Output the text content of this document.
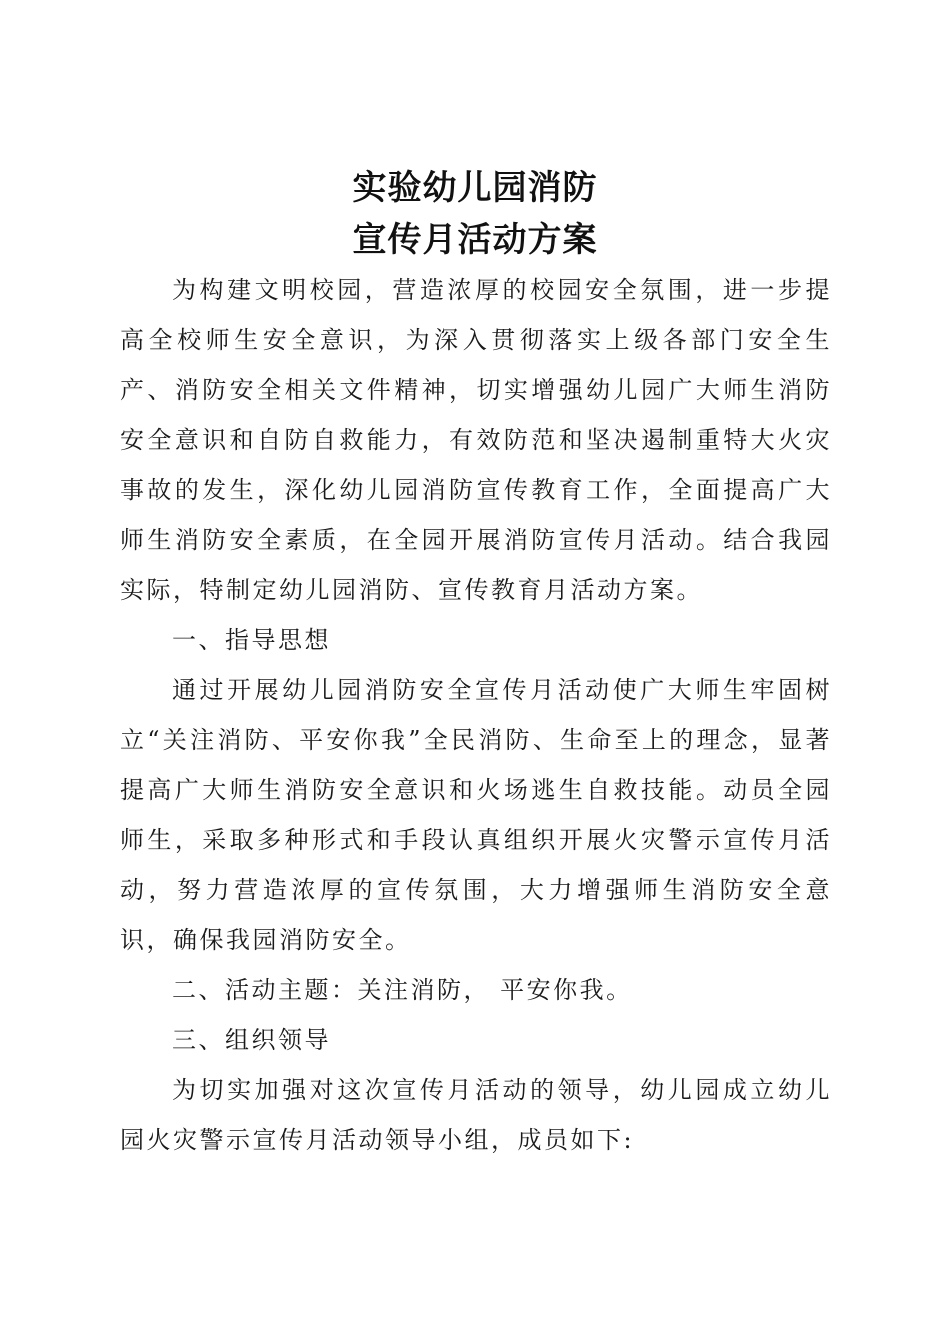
实验幼儿园消防
宣传月活动方案

为构建文明校园，营造浓厚的校园安全氛围，进一步提高全校师生安全意识，为深入贯彻落实上级各部门安全生产、消防安全相关文件精神，切实增强幼儿园广大师生消防安全意识和自防自救能力，有效防范和坚决遏制重特大火灾事故的发生，深化幼儿园消防宣传教育工作，全面提高广大师生消防安全素质，在全园开展消防宣传月活动。结合我园实际，特制定幼儿园消防、宣传教育月活动方案。

一、指导思想

通过开展幼儿园消防安全宣传月活动使广大师生牢固树立“关注消防、平安你我”全民消防、生命至上的理念，显著提高广大师生消防安全意识和火场逃生自救技能。动员全园师生，采取多种形式和手段认真组织开展火灾警示宣传月活动，努力营造浓厚的宣传氛围，大力增强师生消防安全意识，确保我园消防安全。

二、活动主题：关注消防， 平安你我。

三、组织领导

为切实加强对这次宣传月活动的领导，幼儿园成立幼儿园火灾警示宣传月活动领导小组，成员如下:
